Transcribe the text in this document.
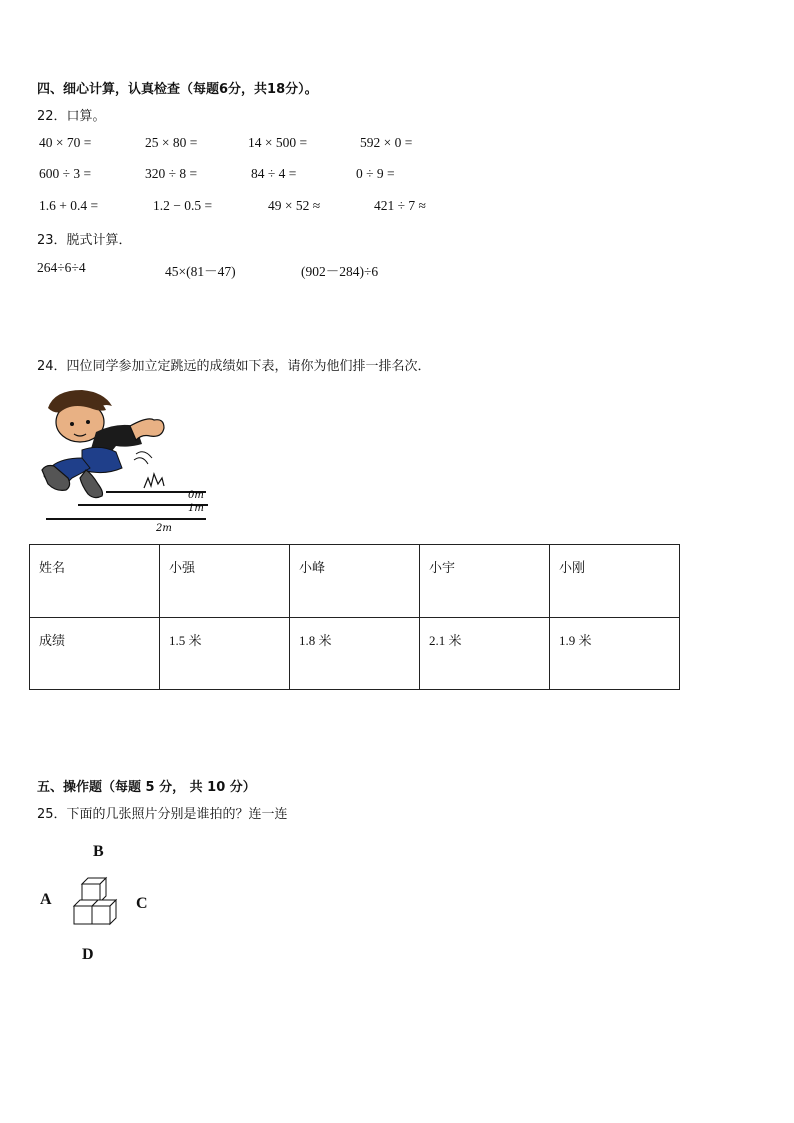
四、细心计算，认真检查（每题6分，共18分）。
22．口算。
40 × 70 =	25 × 80 =	14 × 500 =	592 × 0 =
600 ÷ 3 =	320 ÷ 8 =	84 ÷ 4 =	0 ÷ 9 =
1.6 + 0.4 =	1.2 − 0.5 =	49 × 52 ≈	421 ÷ 7 ≈
23．脱式计算．
264÷6÷4	45×(81－47)	(902－284)÷6
24．四位同学参加立定跳远的成绩如下表，请你为他们排一排名次．
0m
1m
2m
姓名	小强	小峰	小宇	小刚
成绩	1.5 米	1.8 米	2.1 米	1.9 米
五、操作题（每题 5 分， 共 10 分）
25．下面的几张照片分别是谁拍的？连一连
B
A	C
D
